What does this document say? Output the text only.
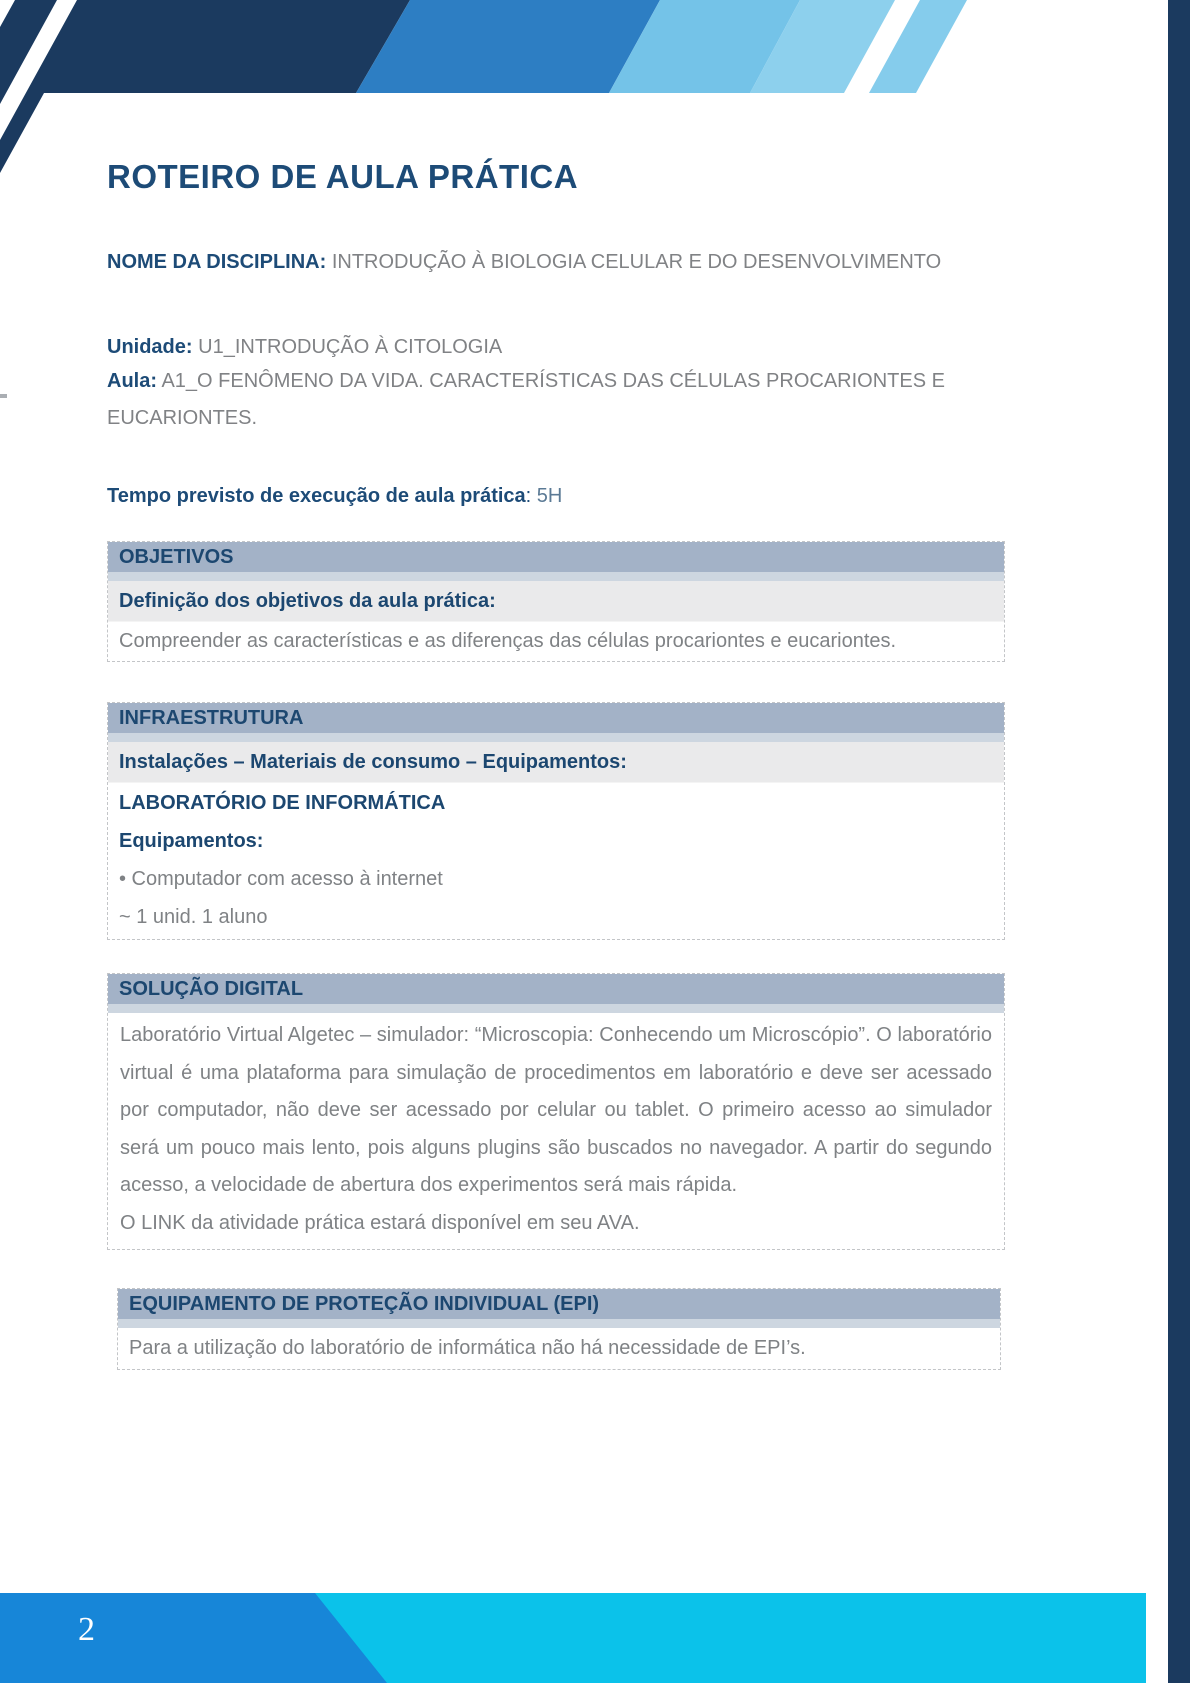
ROTEIRO DE AULA PRÁTICA

NOME DA DISCIPLINA: INTRODUÇÃO À BIOLOGIA CELULAR E DO DESENVOLVIMENTO

Unidade: U1_INTRODUÇÃO À CITOLOGIA

Aula: A1_O FENÔMENO DA VIDA. CARACTERÍSTICAS DAS CÉLULAS PROCARIONTES E EUCARIONTES.

Tempo previsto de execução de aula prática: 5H

OBJETIVOS
Definição dos objetivos da aula prática:
Compreender as características e as diferenças das células procariontes e eucariontes.
INFRAESTRUTURA
Instalações – Materiais de consumo – Equipamentos:
LABORATÓRIO DE INFORMÁTICA
Equipamentos:
• Computador com acesso à internet
~ 1 unid. 1 aluno
SOLUÇÃO DIGITAL

Laboratório Virtual Algetec – simulador: “Microscopia: Conhecendo um Microscópio”. O laboratório virtual é uma plataforma para simulação de procedimentos em laboratório e deve ser acessado por computador, não deve ser acessado por celular ou tablet. O primeiro acesso ao simulador será um pouco mais lento, pois alguns plugins são buscados no navegador. A partir do segundo acesso, a velocidade de abertura dos experimentos será mais rápida.

O LINK da atividade prática estará disponível em seu AVA.

EQUIPAMENTO DE PROTEÇÃO INDIVIDUAL (EPI)
Para a utilização do laboratório de informática não há necessidade de EPI’s.
2
